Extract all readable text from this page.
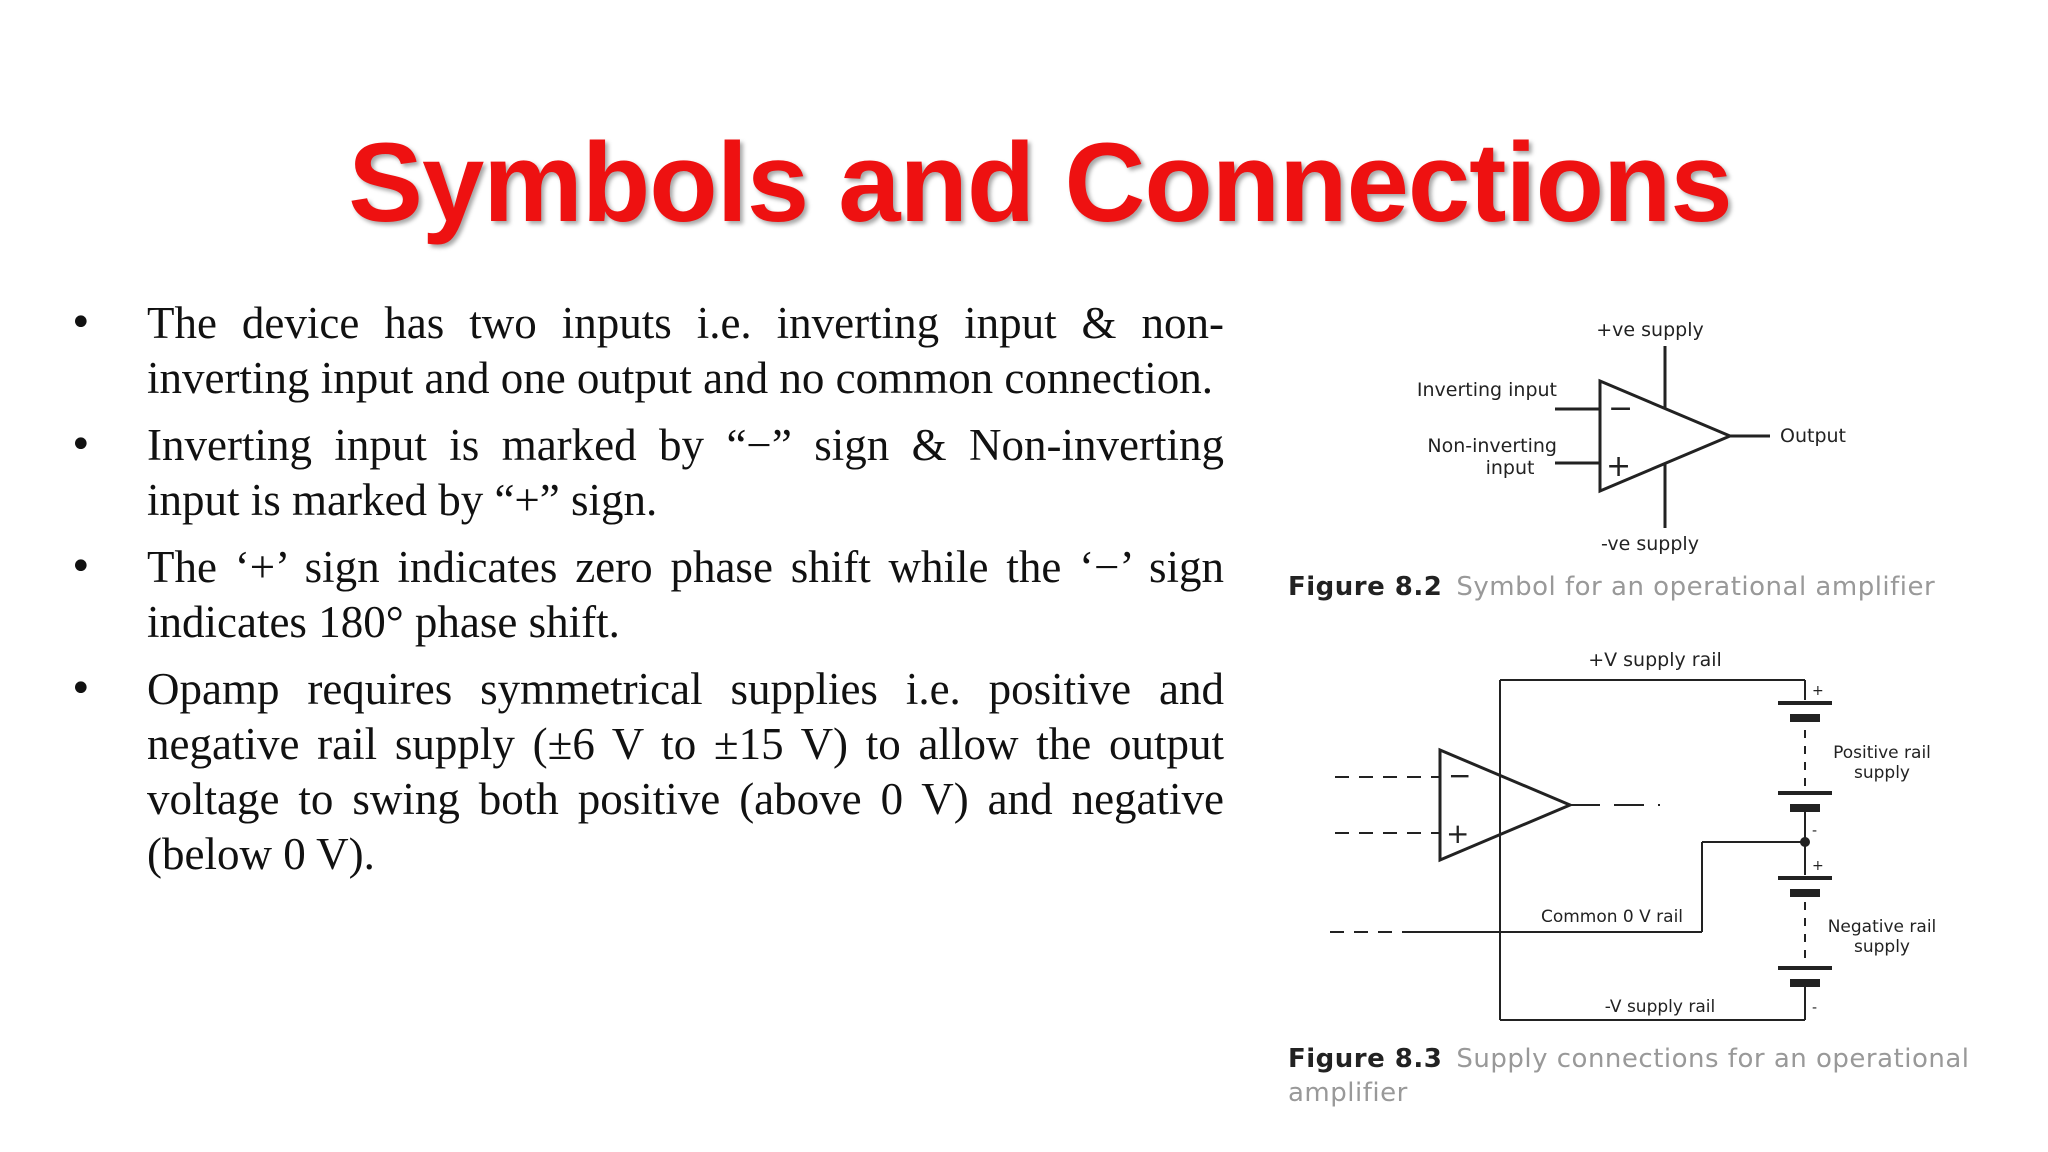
Symbols and Connections
• The device has two inputs i.e. inverting input & non-inverting input and one output and no common connection.
• Inverting input is marked by “−” sign & Non-inverting input is marked by “+” sign.
• The ‘+’ sign indicates zero phase shift while the ‘−’ sign indicates 180° phase shift.
• Opamp requires symmetrical supplies i.e. positive and negative rail supply (±6 V to ±15 V) to allow the output voltage to swing both positive (above 0 V) and negative (below 0 V).
−
+
+ve supply
Inverting input
Non-inverting
input
Output
-ve supply
Figure 8.2 Symbol for an operational amplifier
−
+
+V supply rail
+
-
+
-
Positive rail
supply
Common 0 V rail	Negative rail
supply
-V supply rail
Figure 8.3 Supply connections for an operational
amplifier
